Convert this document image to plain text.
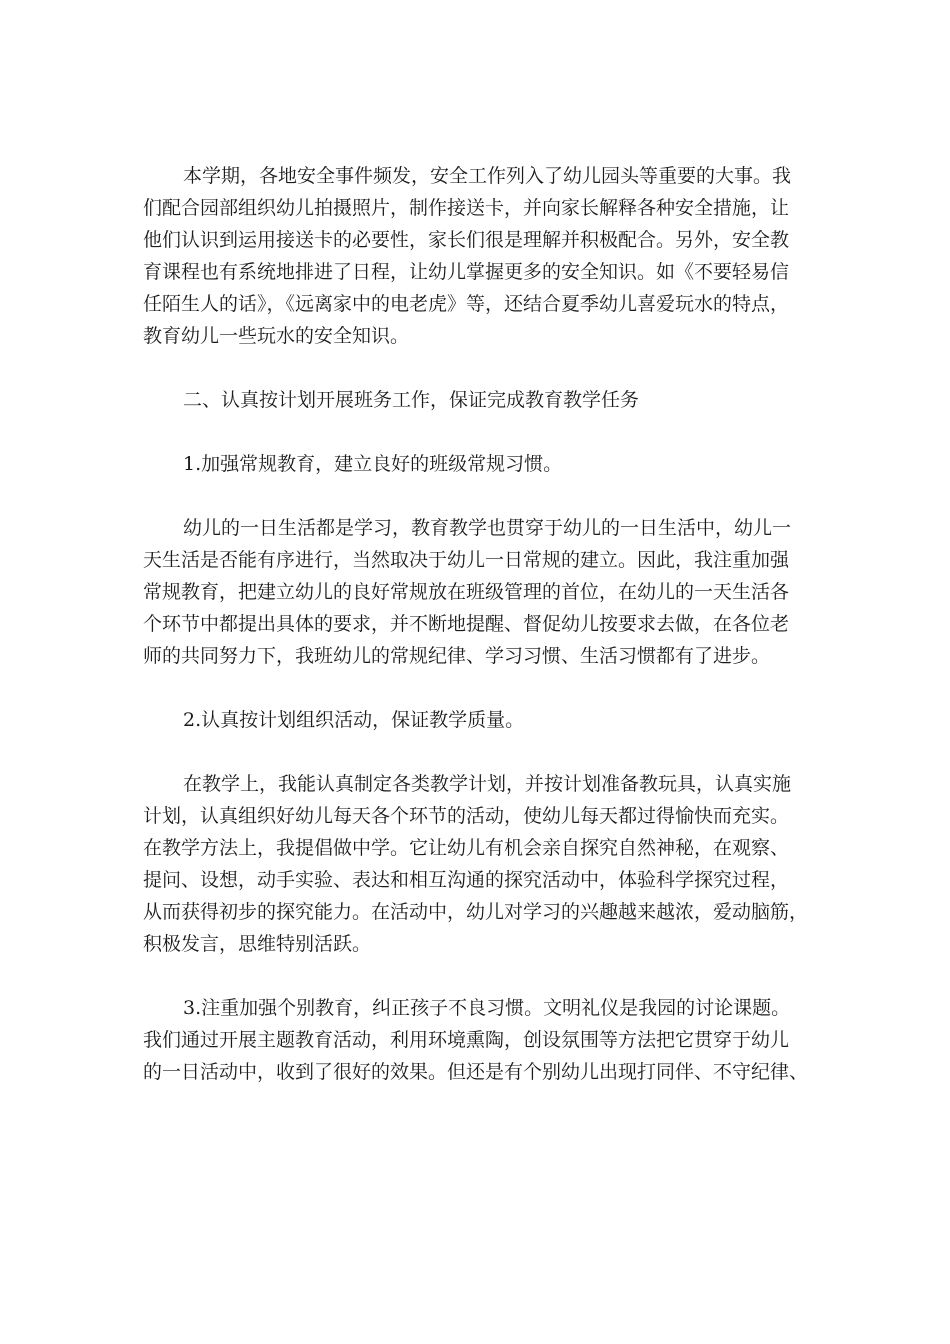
本学期，各地安全事件频发，安全工作列入了幼儿园头等重要的大事。我
们配合园部组织幼儿拍摄照片，制作接送卡，并向家长解释各种安全措施，让
他们认识到运用接送卡的必要性，家长们很是理解并积极配合。另外，安全教
育课程也有系统地排进了日程，让幼儿掌握更多的安全知识。如《不要轻易信
任陌生人的话》，《远离家中的电老虎》等，还结合夏季幼儿喜爱玩水的特点，
教育幼儿一些玩水的安全知识。

二、认真按计划开展班务工作，保证完成教育教学任务

1.加强常规教育，建立良好的班级常规习惯。

幼儿的一日生活都是学习，教育教学也贯穿于幼儿的一日生活中，幼儿一
天生活是否能有序进行，当然取决于幼儿一日常规的建立。因此，我注重加强
常规教育，把建立幼儿的良好常规放在班级管理的首位，在幼儿的一天生活各
个环节中都提出具体的要求，并不断地提醒、督促幼儿按要求去做，在各位老
师的共同努力下，我班幼儿的常规纪律、学习习惯、生活习惯都有了进步。

2.认真按计划组织活动，保证教学质量。

在教学上，我能认真制定各类教学计划，并按计划准备教玩具，认真实施
计划，认真组织好幼儿每天各个环节的活动，使幼儿每天都过得愉快而充实。
在教学方法上，我提倡做中学。它让幼儿有机会亲自探究自然神秘，在观察、
提问、设想，动手实验、表达和相互沟通的探究活动中，体验科学探究过程，
从而获得初步的探究能力。在活动中，幼儿对学习的兴趣越来越浓，爱动脑筋，
积极发言，思维特别活跃。

3.注重加强个别教育，纠正孩子不良习惯。文明礼仪是我园的讨论课题。
我们通过开展主题教育活动，利用环境熏陶，创设氛围等方法把它贯穿于幼儿
的一日活动中，收到了很好的效果。但还是有个别幼儿出现打同伴、不守纪律、
